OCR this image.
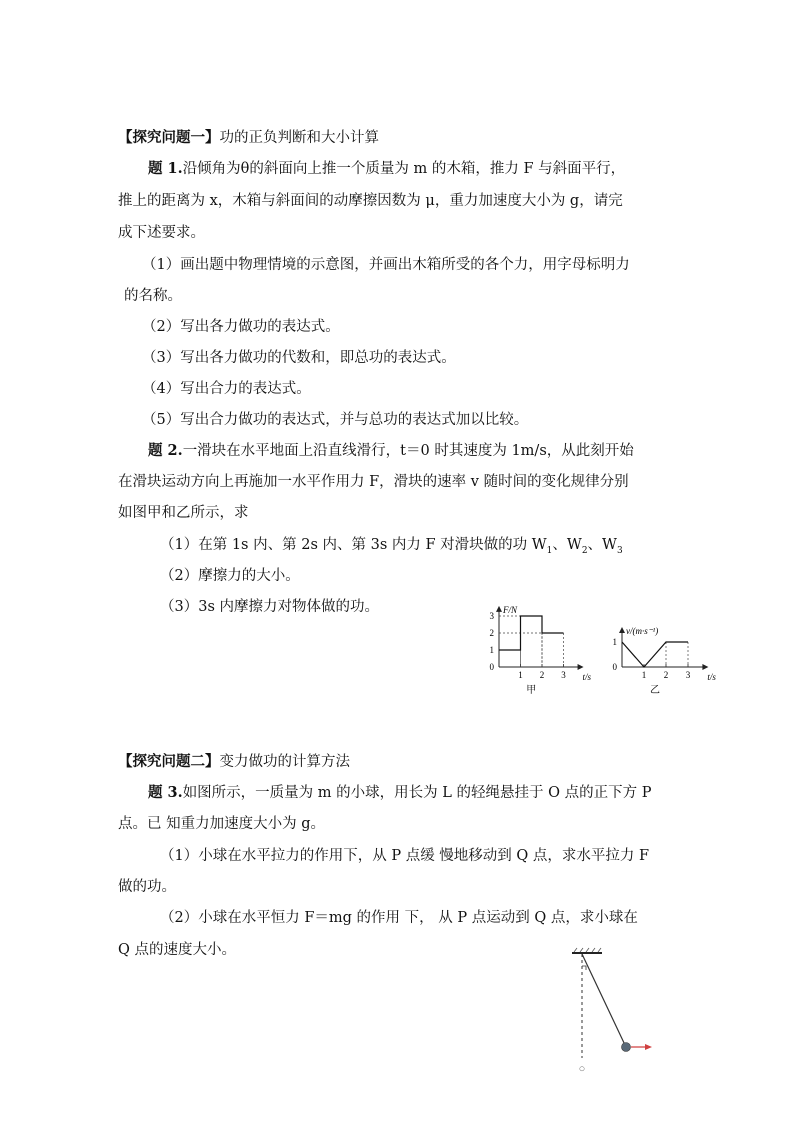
【探究问题一】功的正负判断和大小计算
题 1.沿倾角为θ的斜面向上推一个质量为 m 的木箱，推力 F 与斜面平行，
推上的距离为 x，木箱与斜面间的动摩擦因数为 μ，重力加速度大小为 g，请完
成下述要求。
（1）画出题中物理情境的示意图，并画出木箱所受的各个力，用字母标明力
的名称。
（2）写出各力做功的表达式。
（3）写出各力做功的代数和，即总功的表达式。
（4）写出合力的表达式。
（5）写出合力做功的表达式，并与总功的表达式加以比较。
题 2.一滑块在水平地面上沿直线滑行，t＝0 时其速度为 1m/s，从此刻开始
在滑块运动方向上再施加一水平作用力 F，滑块的速率 v 随时间的变化规律分别
如图甲和乙所示，求
（1）在第 1s 内、第 2s 内、第 3s 内力 F 对滑块做的功 $W_1$、$W_2$、$W_3$
（2）摩擦力的大小。
（3）3s 内摩擦力对物体做的功。
1 2 3
0
1
2
3
F/N
t/s
甲
1 2 3
0
1
v/(m·s⁻¹)
t/s
乙
【探究问题二】变力做功的计算方法
题 3.如图所示，一质量为 m 的小球，用长为 L 的轻绳悬挂于 O 点的正下方 P
点。已 知重力加速度大小为 g。
（1）小球在水平拉力的作用下，从 P 点缓 慢地移动到 Q 点，求水平拉力 F
做的功。
（2）小球在水平恒力 F＝mg 的作用 下， 从 P 点运动到 Q 点，求小球在
Q 点的速度大小。
○
